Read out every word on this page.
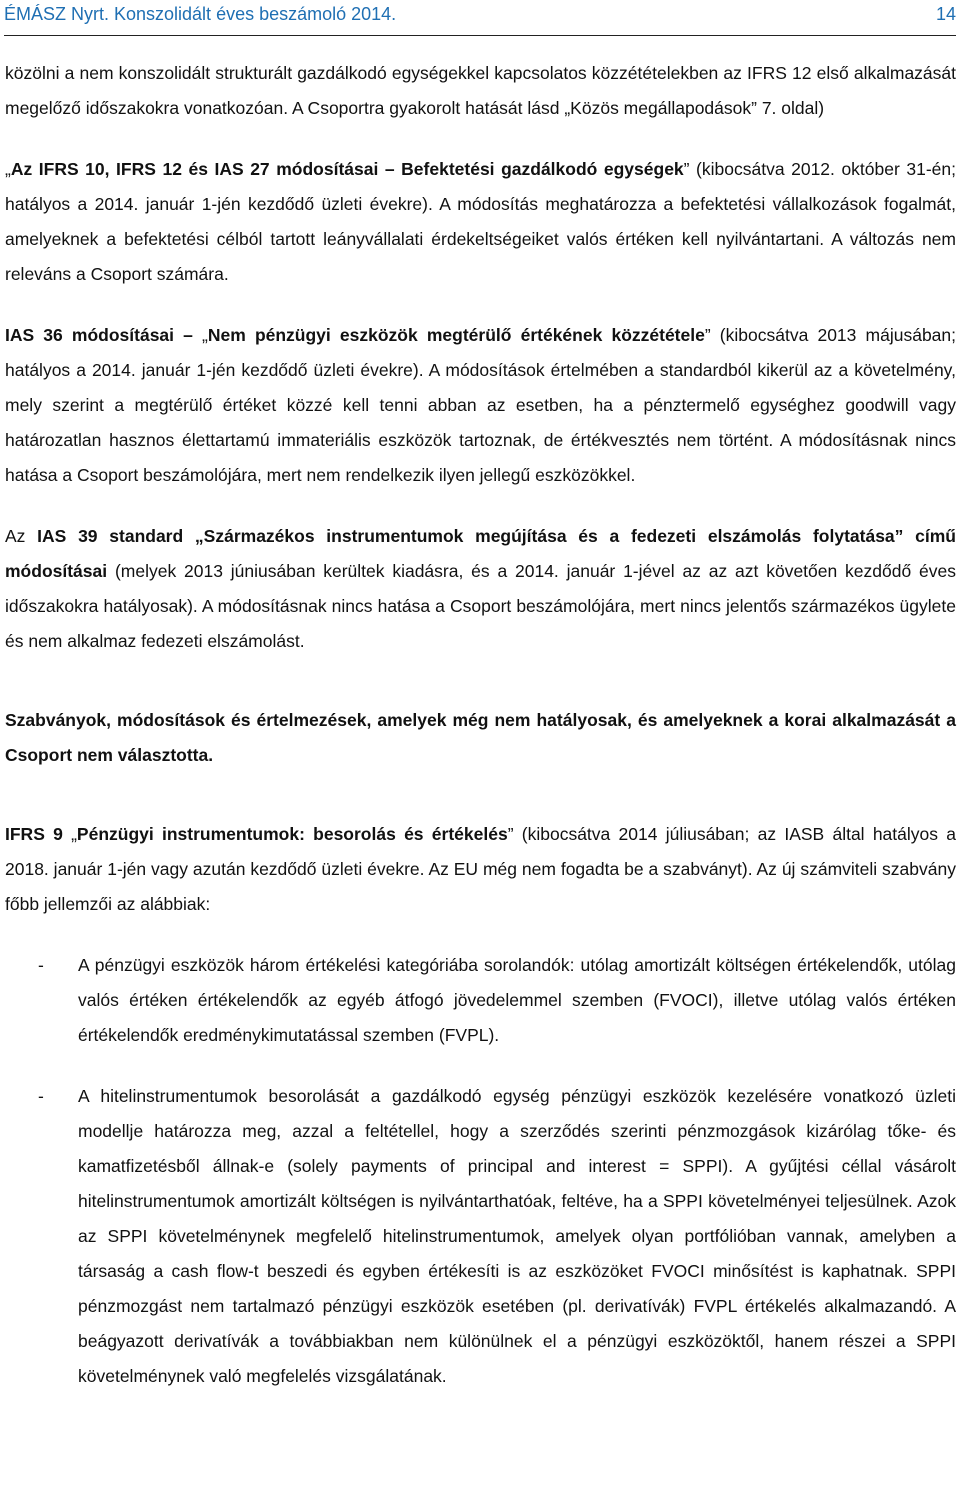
ÉMÁSZ Nyrt. Konszolidált éves beszámoló 2014.	14

közölni a nem konszolidált strukturált gazdálkodó egységekkel kapcsolatos közzétételekben az IFRS 12 első alkalmazását megelőző időszakokra vonatkozóan. A Csoportra gyakorolt hatását lásd „Közös megállapodások” 7. oldal)

„Az IFRS 10, IFRS 12 és IAS 27 módosításai – Befektetési gazdálkodó egységek” (kibocsátva 2012. október 31-én; hatályos a 2014. január 1-jén kezdődő üzleti évekre). A módosítás meghatározza a befektetési vállalkozások fogalmát, amelyeknek a befektetési célból tartott leányvállalati érdekeltségeiket valós értéken kell nyilvántartani. A változás nem releváns a Csoport számára.

IAS 36 módosításai – „Nem pénzügyi eszközök megtérülő értékének közzététele” (kibocsátva 2013 májusában; hatályos a 2014. január 1-jén kezdődő üzleti évekre). A módosítások értelmében a standardból kikerül az a követelmény, mely szerint a megtérülő értéket közzé kell tenni abban az esetben, ha a pénztermelő egységhez goodwill vagy határozatlan hasznos élettartamú immateriális eszközök tartoznak, de értékvesztés nem történt. A módosításnak nincs hatása a Csoport beszámolójára, mert nem rendelkezik ilyen jellegű eszközökkel.

Az IAS 39 standard „Származékos instrumentumok megújítása és a fedezeti elszámolás folytatása” című módosításai (melyek 2013 júniusában kerültek kiadásra, és a 2014. január 1-jével az az azt követően kezdődő éves időszakokra hatályosak). A módosításnak nincs hatása a Csoport beszámolójára, mert nincs jelentős származékos ügylete és nem alkalmaz fedezeti elszámolást.

Szabványok, módosítások és értelmezések, amelyek még nem hatályosak, és amelyeknek a korai alkalmazását a Csoport nem választotta.

IFRS 9 „Pénzügyi instrumentumok: besorolás és értékelés” (kibocsátva 2014 júliusában; az IASB által hatályos a 2018. január 1-jén vagy azután kezdődő üzleti évekre. Az EU még nem fogadta be a szabványt). Az új számviteli szabvány főbb jellemzői az alábbiak:

- A pénzügyi eszközök három értékelési kategóriába sorolandók: utólag amortizált költségen értékelendők, utólag valós értéken értékelendők az egyéb átfogó jövedelemmel szemben (FVOCI), illetve utólag valós értéken értékelendők eredménykimutatással szemben (FVPL).

- A hitelinstrumentumok besorolását a gazdálkodó egység pénzügyi eszközök kezelésére vonatkozó üzleti modellje határozza meg, azzal a feltétellel, hogy a szerződés szerinti pénzmozgások kizárólag tőke- és kamatfizetésből állnak-e (solely payments of principal and interest = SPPI). A gyűjtési céllal vásárolt hitelinstrumentumok amortizált költségen is nyilvántarthatóak, feltéve, ha a SPPI követelményei teljesülnek. Azok az SPPI követelménynek megfelelő hitelinstrumentumok, amelyek olyan portfólióban vannak, amelyben a társaság a cash flow-t beszedi és egyben értékesíti is az eszközöket FVOCI minősítést is kaphatnak. SPPI pénzmozgást nem tartalmazó pénzügyi eszközök esetében (pl. derivatívák) FVPL értékelés alkalmazandó. A beágyazott derivatívák a továbbiakban nem különülnek el a pénzügyi eszközöktől, hanem részei a SPPI követelménynek való megfelelés vizsgálatának.
